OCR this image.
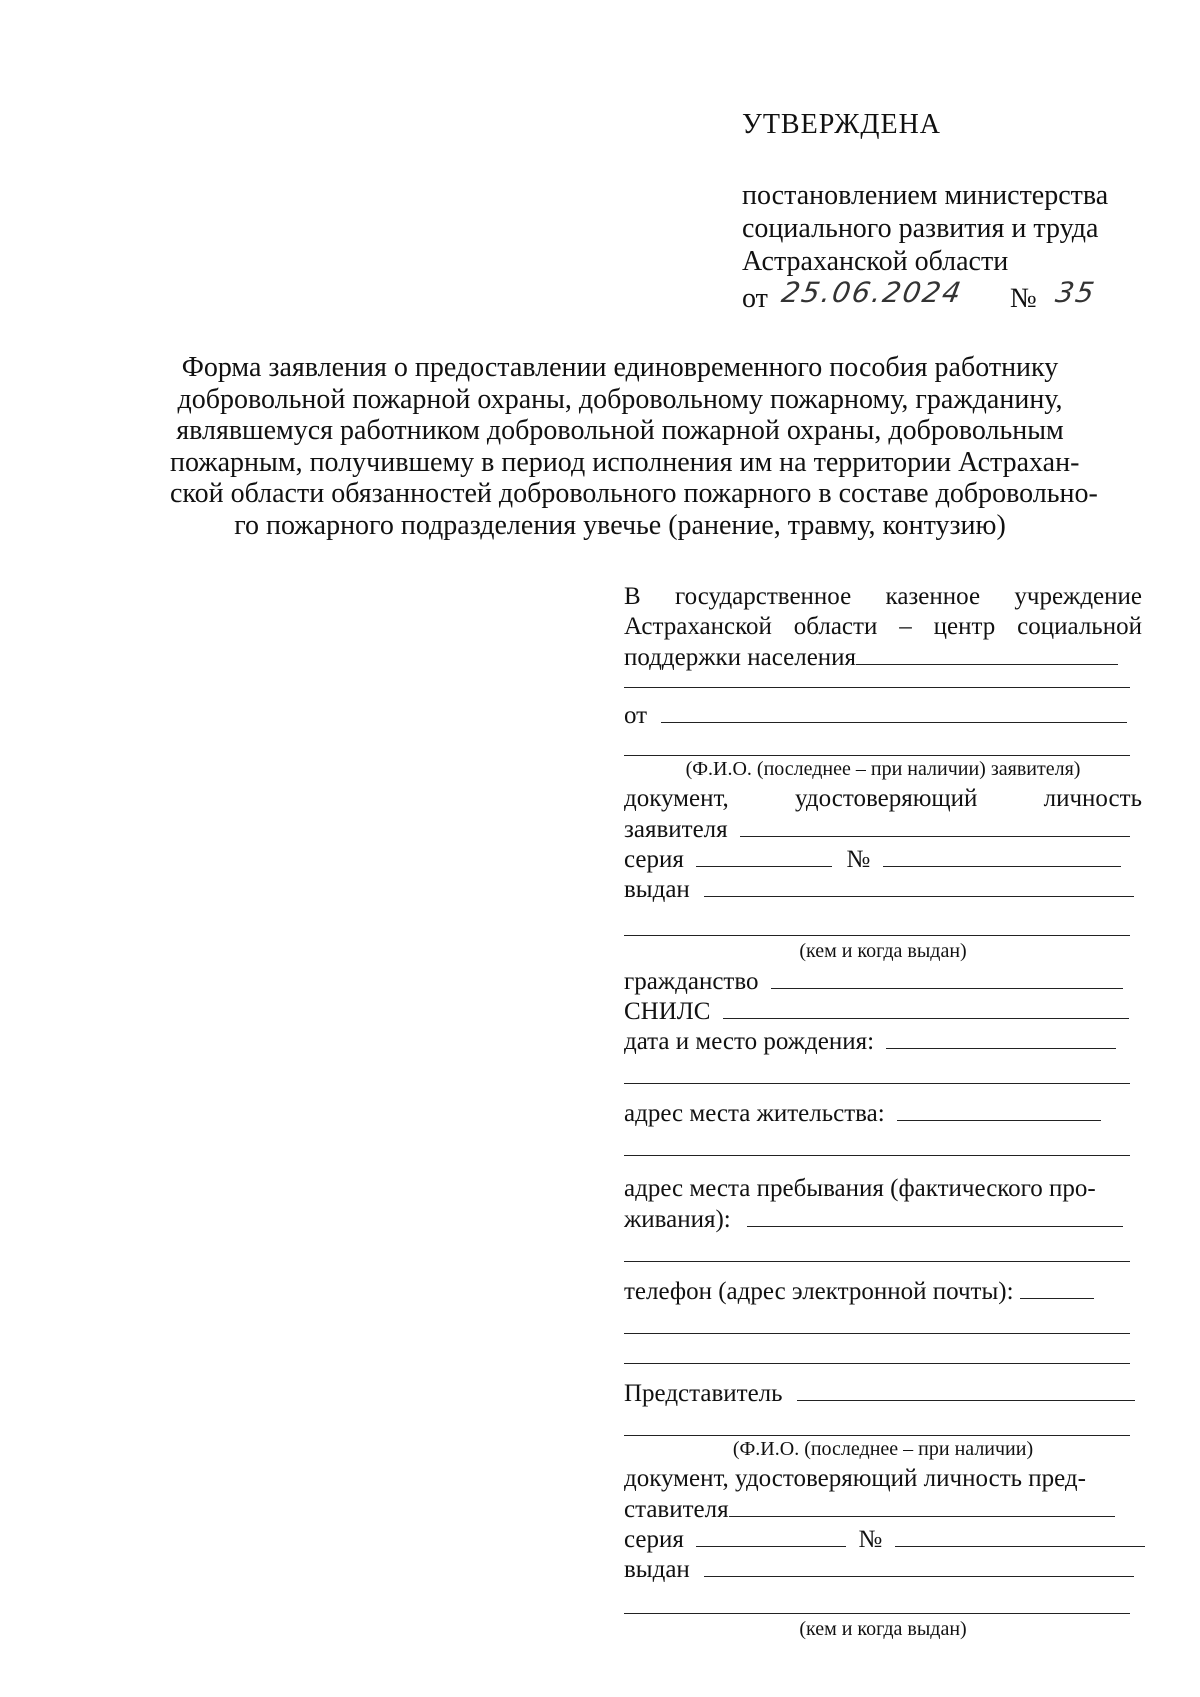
УТВЕРЖДЕНА
постановлением министерства
социального развития и труда
Астраханской области
от 25.06.2024 № 35
Форма заявления о предоставлении единовременного пособия работнику
добровольной пожарной охраны, добровольному пожарному, гражданину,
являвшемуся работником добровольной пожарной охраны, добровольным
пожарным, получившему в период исполнения им на территории Астрахан-
ской области обязанностей добровольного пожарного в составе добровольно-
го пожарного подразделения увечье (ранение, травму, контузию)
В государственное казенное учреждение
Астраханской области – центр социальной
поддержки населения
от
(Ф.И.О. (последнее – при наличии) заявителя)
документ,	удостоверяющий	личность
заявителя
серия	№
выдан
(кем и когда выдан)
гражданство
СНИЛС
дата и место рождения:
адрес места жительства:
адрес места пребывания (фактического про-
живания):
телефон (адрес электронной почты):
Представитель
(Ф.И.О. (последнее – при наличии)
документ, удостоверяющий личность пред-
ставителя
серия	№
выдан
(кем и когда выдан)
